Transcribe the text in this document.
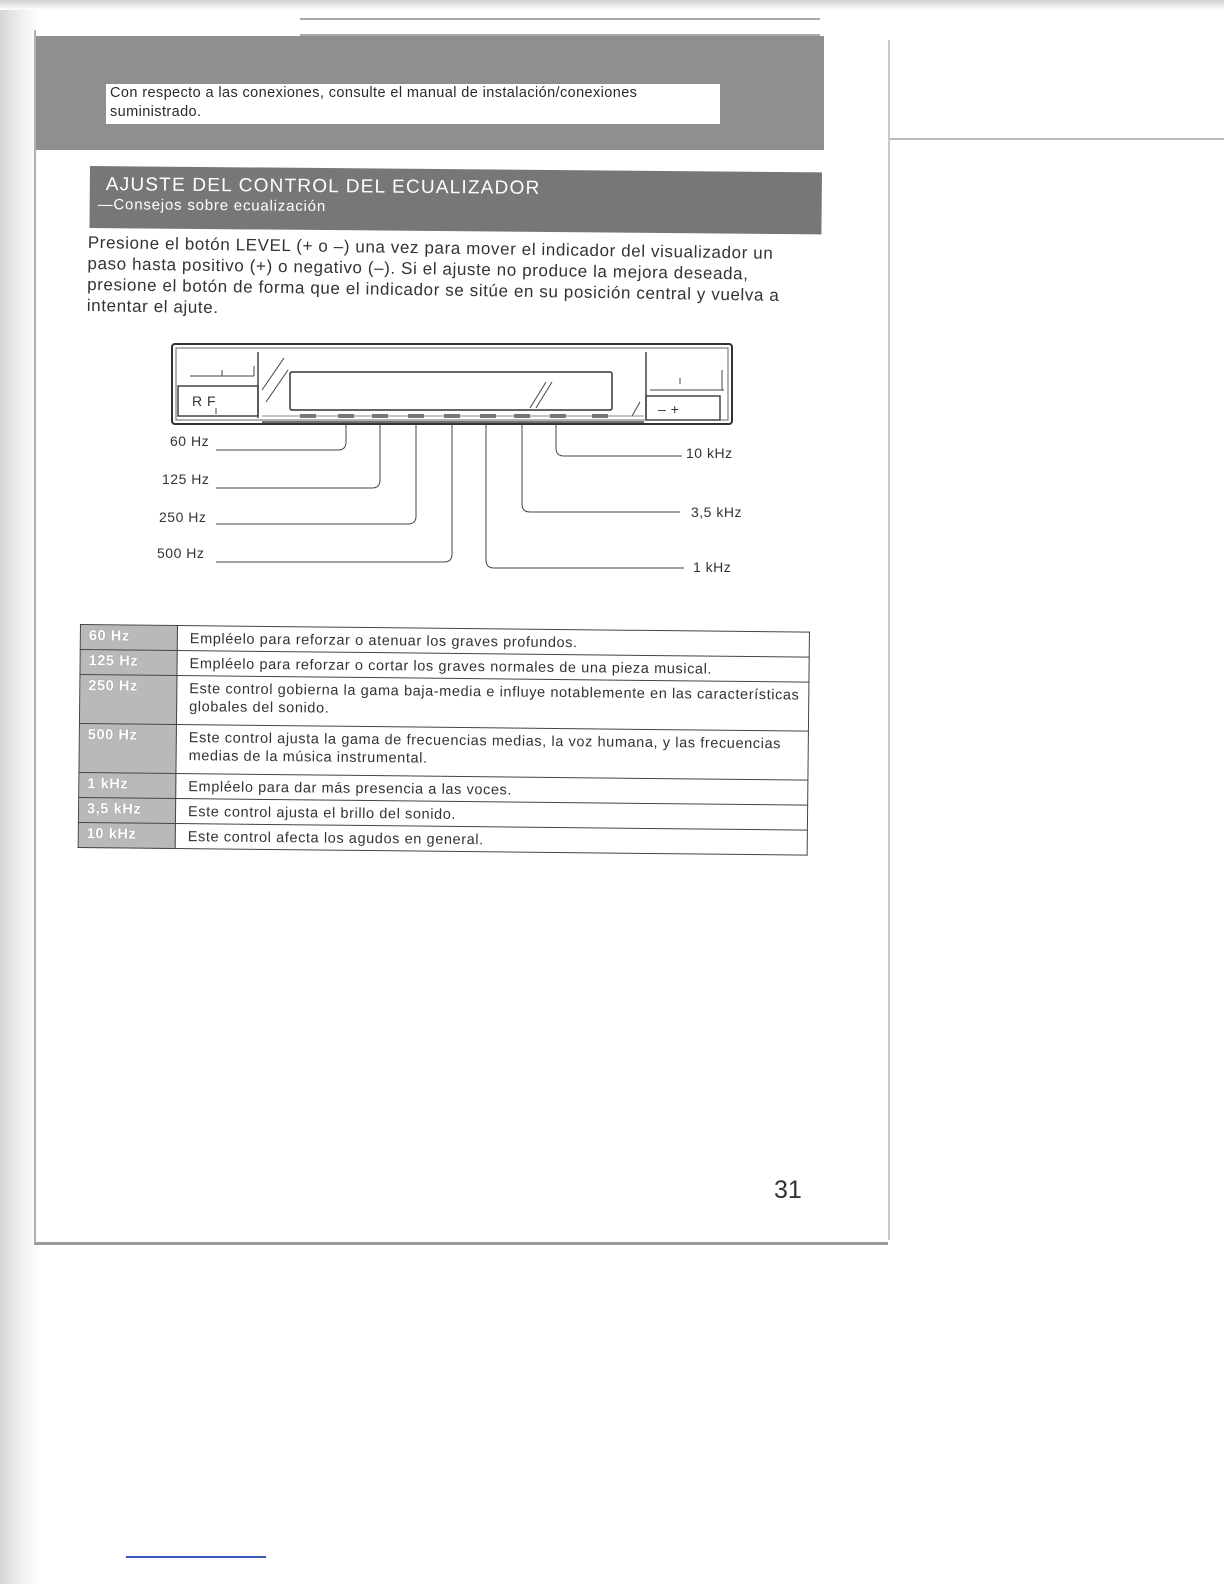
Con respecto a las conexiones, consulte el manual de instalación/conexiones suministrado.
AJUSTE DEL CONTROL DEL ECUALIZADOR
—Consejos sobre ecualización

Presione el botón LEVEL (+ o –) una vez para mover el indicador del visualizador un paso hasta positivo (+) o negativo (–). Si el ajuste no produce la mejora deseada, presione el botón de forma que el indicador se sitúe en su posición central y vuelva a intentar el ajute.

R F	– +
60 Hz
125 Hz
250 Hz
500 Hz
10 kHz
3,5 kHz
1 kHz
60 Hz	Empléelo para reforzar o atenuar los graves profundos.
125 Hz	Empléelo para reforzar o cortar los graves normales de una pieza musical.
250 Hz	Este control gobierna la gama baja-media e influye notablemente en las características globales del sonido.
500 Hz	Este control ajusta la gama de frecuencias medias, la voz humana, y las frecuencias medias de la música instrumental.
1 kHz	Empléelo para dar más presencia a las voces.
3,5 kHz	Este control ajusta el brillo del sonido.
10 kHz	Este control afecta los agudos en general.
31
